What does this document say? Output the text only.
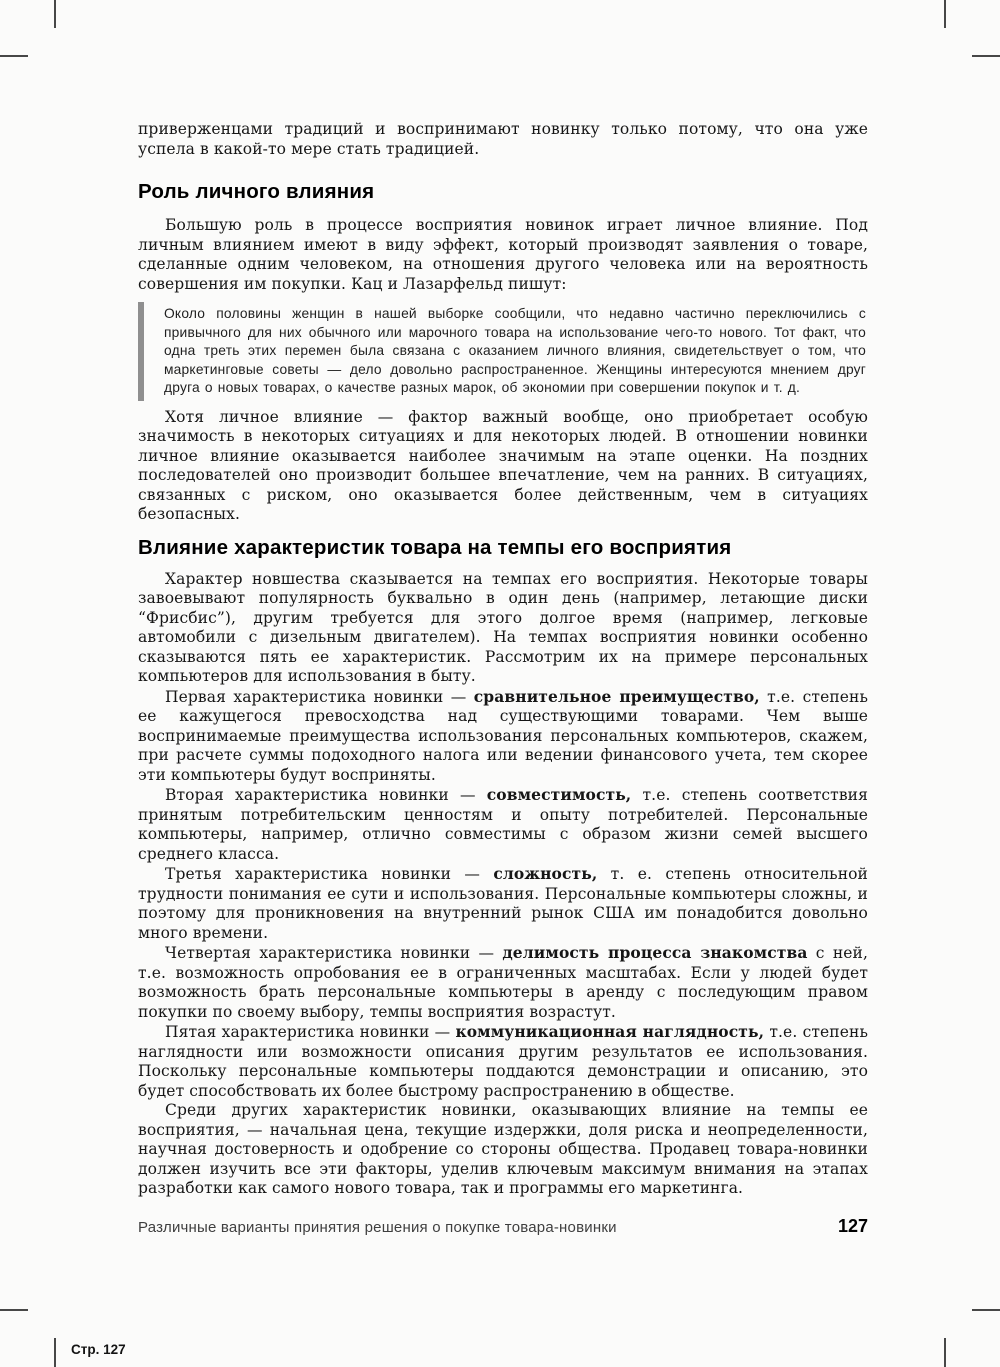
приверженцами традиций и воспринимают новинку только потому, что она уже успела в какой-то мере стать традицией.

Роль личного влияния

Большую роль в процессе восприятия новинок играет личное влияние. Под личным влиянием имеют в виду эффект, который производят заявления о товаре, сделанные одним человеком, на отношения другого человека или на вероятность совершения им покупки. Кац и Лазарфельд пишут:

Около половины женщин в нашей выборке сообщили, что недавно частично переключились с привычного для них обычного или марочного товара на использование чего-то нового. Тот факт, что одна треть этих перемен была связана с оказанием личного влияния, свидетельствует о том, что маркетинговые советы — дело довольно распространенное. Женщины интересуются мнением друг друга о новых товарах, о качестве разных марок, об экономии при совершении покупок и т. д.

Хотя личное влияние — фактор важный вообще, оно приобретает особую значимость в некоторых ситуациях и для некоторых людей. В отношении новинки личное влияние оказывается наиболее значимым на этапе оценки. На поздних последователей оно производит большее впечатление, чем на ранних. В ситуациях, связанных с риском, оно оказывается более действенным, чем в ситуациях безопасных.

Влияние характеристик товара на темпы его восприятия

Характер новшества сказывается на темпах его восприятия. Некоторые товары завоевывают популярность буквально в один день (например, летающие диски “Фрисбис”), другим требуется для этого долгое время (например, легковые автомобили с дизельным двигателем). На темпах восприятия новинки особенно сказываются пять ее характеристик. Рассмотрим их на примере персональных компьютеров для использования в быту.

Первая характеристика новинки — сравнительное преимущество, т.е. степень ее кажущегося превосходства над существующими товарами. Чем выше воспринимаемые преимущества использования персональных компьютеров, скажем, при расчете суммы подоходного налога или ведении финансового учета, тем скорее эти компьютеры будут восприняты.

Вторая характеристика новинки — совместимость, т.е. степень соответствия принятым потребительским ценностям и опыту потребителей. Персональные компьютеры, например, отлично совместимы с образом жизни семей высшего среднего класса.

Третья характеристика новинки — сложность, т. е. степень относительной трудности понимания ее сути и использования. Персональные компьютеры сложны, и поэтому для проникновения на внутренний рынок США им понадобится довольно много времени.

Четвертая характеристика новинки — делимость процесса знакомства с ней, т.е. возможность опробования ее в ограниченных масштабах. Если у людей будет возможность брать персональные компьютеры в аренду с последующим правом покупки по своему выбору, темпы восприятия возрастут.

Пятая характеристика новинки — коммуникационная наглядность, т.е. степень наглядности или возможности описания другим результатов ее использования. Поскольку персональные компьютеры поддаются демонстрации и описанию, это будет способствовать их более быстрому распространению в обществе.

Среди других характеристик новинки, оказывающих влияние на темпы ее восприятия, — начальная цена, текущие издержки, доля риска и неопределенности, научная достоверность и одобрение со стороны общества. Продавец товара-новинки должен изучить все эти факторы, уделив ключевым максимум внимания на этапах разработки как самого нового товара, так и программы его маркетинга.

Различные варианты принятия решения о покупке товара-новинки	127
Стр. 127
